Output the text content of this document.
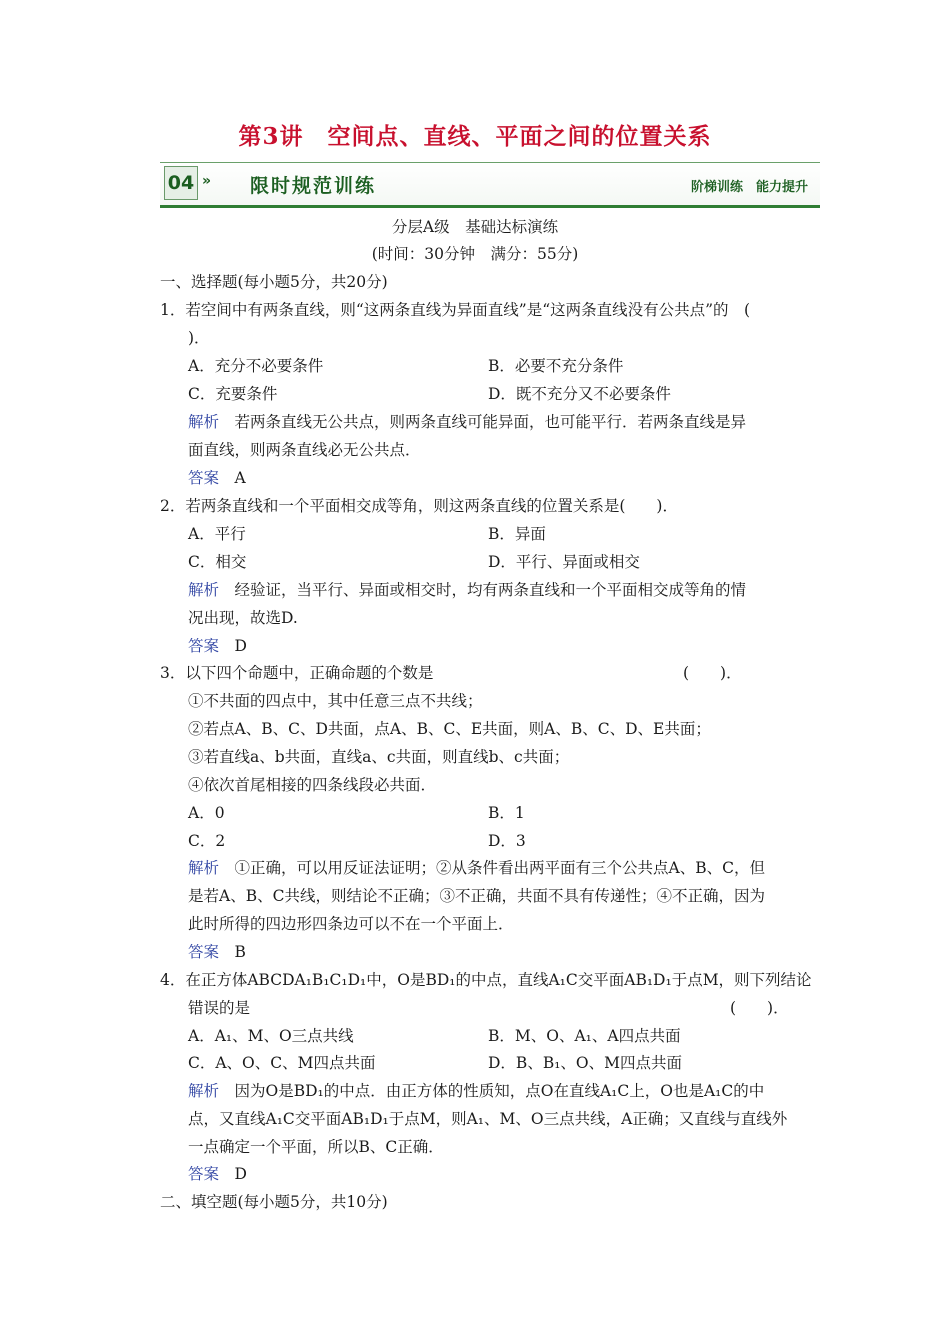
第3讲　空间点、直线、平面之间的位置关系
04 » 限时规范训练	阶梯训练　能力提升
分层A级　基础达标演练
(时间：30分钟　满分：55分)
一、选择题(每小题5分，共20分)
1．若空间中有两条直线，则“这两条直线为异面直线”是“这两条直线没有公共点”的　(
)．
A．充分不必要条件	B．必要不充分条件
C．充要条件	D．既不充分又不必要条件
解析　 若两条直线无公共点，则两条直线可能异面，也可能平行．若两条直线是异
面直线，则两条直线必无公共点．
答案　 A
2．若两条直线和一个平面相交成等角，则这两条直线的位置关系是(　　)．
A．平行	B．异面
C．相交	D．平行、异面或相交
解析　 经验证，当平行、异面或相交时，均有两条直线和一个平面相交成等角的情
况出现，故选D.
答案　 D
3．以下四个命题中，正确命题的个数是	(　　)．
①不共面的四点中，其中任意三点不共线；
②若点A、B、C、D共面，点A、B、C、E共面，则A、B、C、D、E共面；
③若直线a、b共面，直线a、c共面，则直线b、c共面；
④依次首尾相接的四条线段必共面．
A．0	B．1
C．2	D．3
解析　 ①正确，可以用反证法证明；②从条件看出两平面有三个公共点A、B、C，但
是若A、B、C共线，则结论不正确；③不正确，共面不具有传递性；④不正确，因为
此时所得的四边形四条边可以不在一个平面上．
答案　 B
4．在正方体ABCDA₁B₁C₁D₁中，O是BD₁的中点，直线A₁C交平面AB₁D₁于点M，则下列结论
错误的是	(　　)．
A．A₁、M、O三点共线	B．M、O、A₁、A四点共面
C．A、O、C、M四点共面	D．B、B₁、O、M四点共面
解析　 因为O是BD₁的中点．由正方体的性质知，点O在直线A₁C上，O也是A₁C的中
点，又直线A₁C交平面AB₁D₁于点M，则A₁、M、O三点共线，A正确；又直线与直线外
一点确定一个平面，所以B、C正确．
答案　 D
二、填空题(每小题5分，共10分)
